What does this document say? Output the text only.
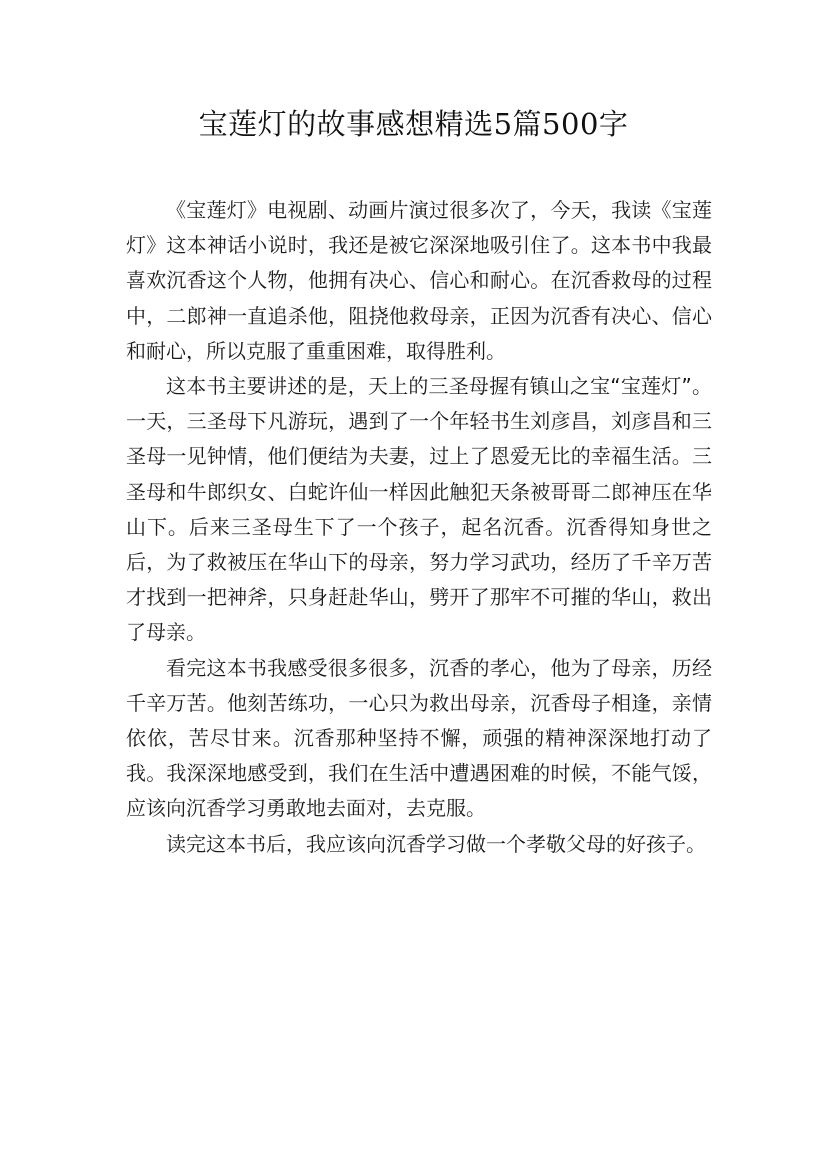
宝莲灯的故事感想精选5篇500字

《宝莲灯》电视剧、动画片演过很多次了，今天，我读《宝莲灯》这本神话小说时，我还是被它深深地吸引住了。这本书中我最喜欢沉香这个人物，他拥有决心、信心和耐心。在沉香救母的过程中，二郎神一直追杀他，阻挠他救母亲，正因为沉香有决心、信心和耐心，所以克服了重重困难，取得胜利。

这本书主要讲述的是，天上的三圣母握有镇山之宝“宝莲灯”。一天，三圣母下凡游玩，遇到了一个年轻书生刘彦昌，刘彦昌和三圣母一见钟情，他们便结为夫妻，过上了恩爱无比的幸福生活。三圣母和牛郎织女、白蛇许仙一样因此触犯天条被哥哥二郎神压在华山下。后来三圣母生下了一个孩子，起名沉香。沉香得知身世之后，为了救被压在华山下的母亲，努力学习武功，经历了千辛万苦才找到一把神斧，只身赶赴华山，劈开了那牢不可摧的华山，救出了母亲。

看完这本书我感受很多很多，沉香的孝心，他为了母亲，历经千辛万苦。他刻苦练功，一心只为救出母亲，沉香母子相逢，亲情依依，苦尽甘来。沉香那种坚持不懈，顽强的精神深深地打动了我。我深深地感受到，我们在生活中遭遇困难的时候，不能气馁，应该向沉香学习勇敢地去面对，去克服。

读完这本书后，我应该向沉香学习做一个孝敬父母的好孩子。
